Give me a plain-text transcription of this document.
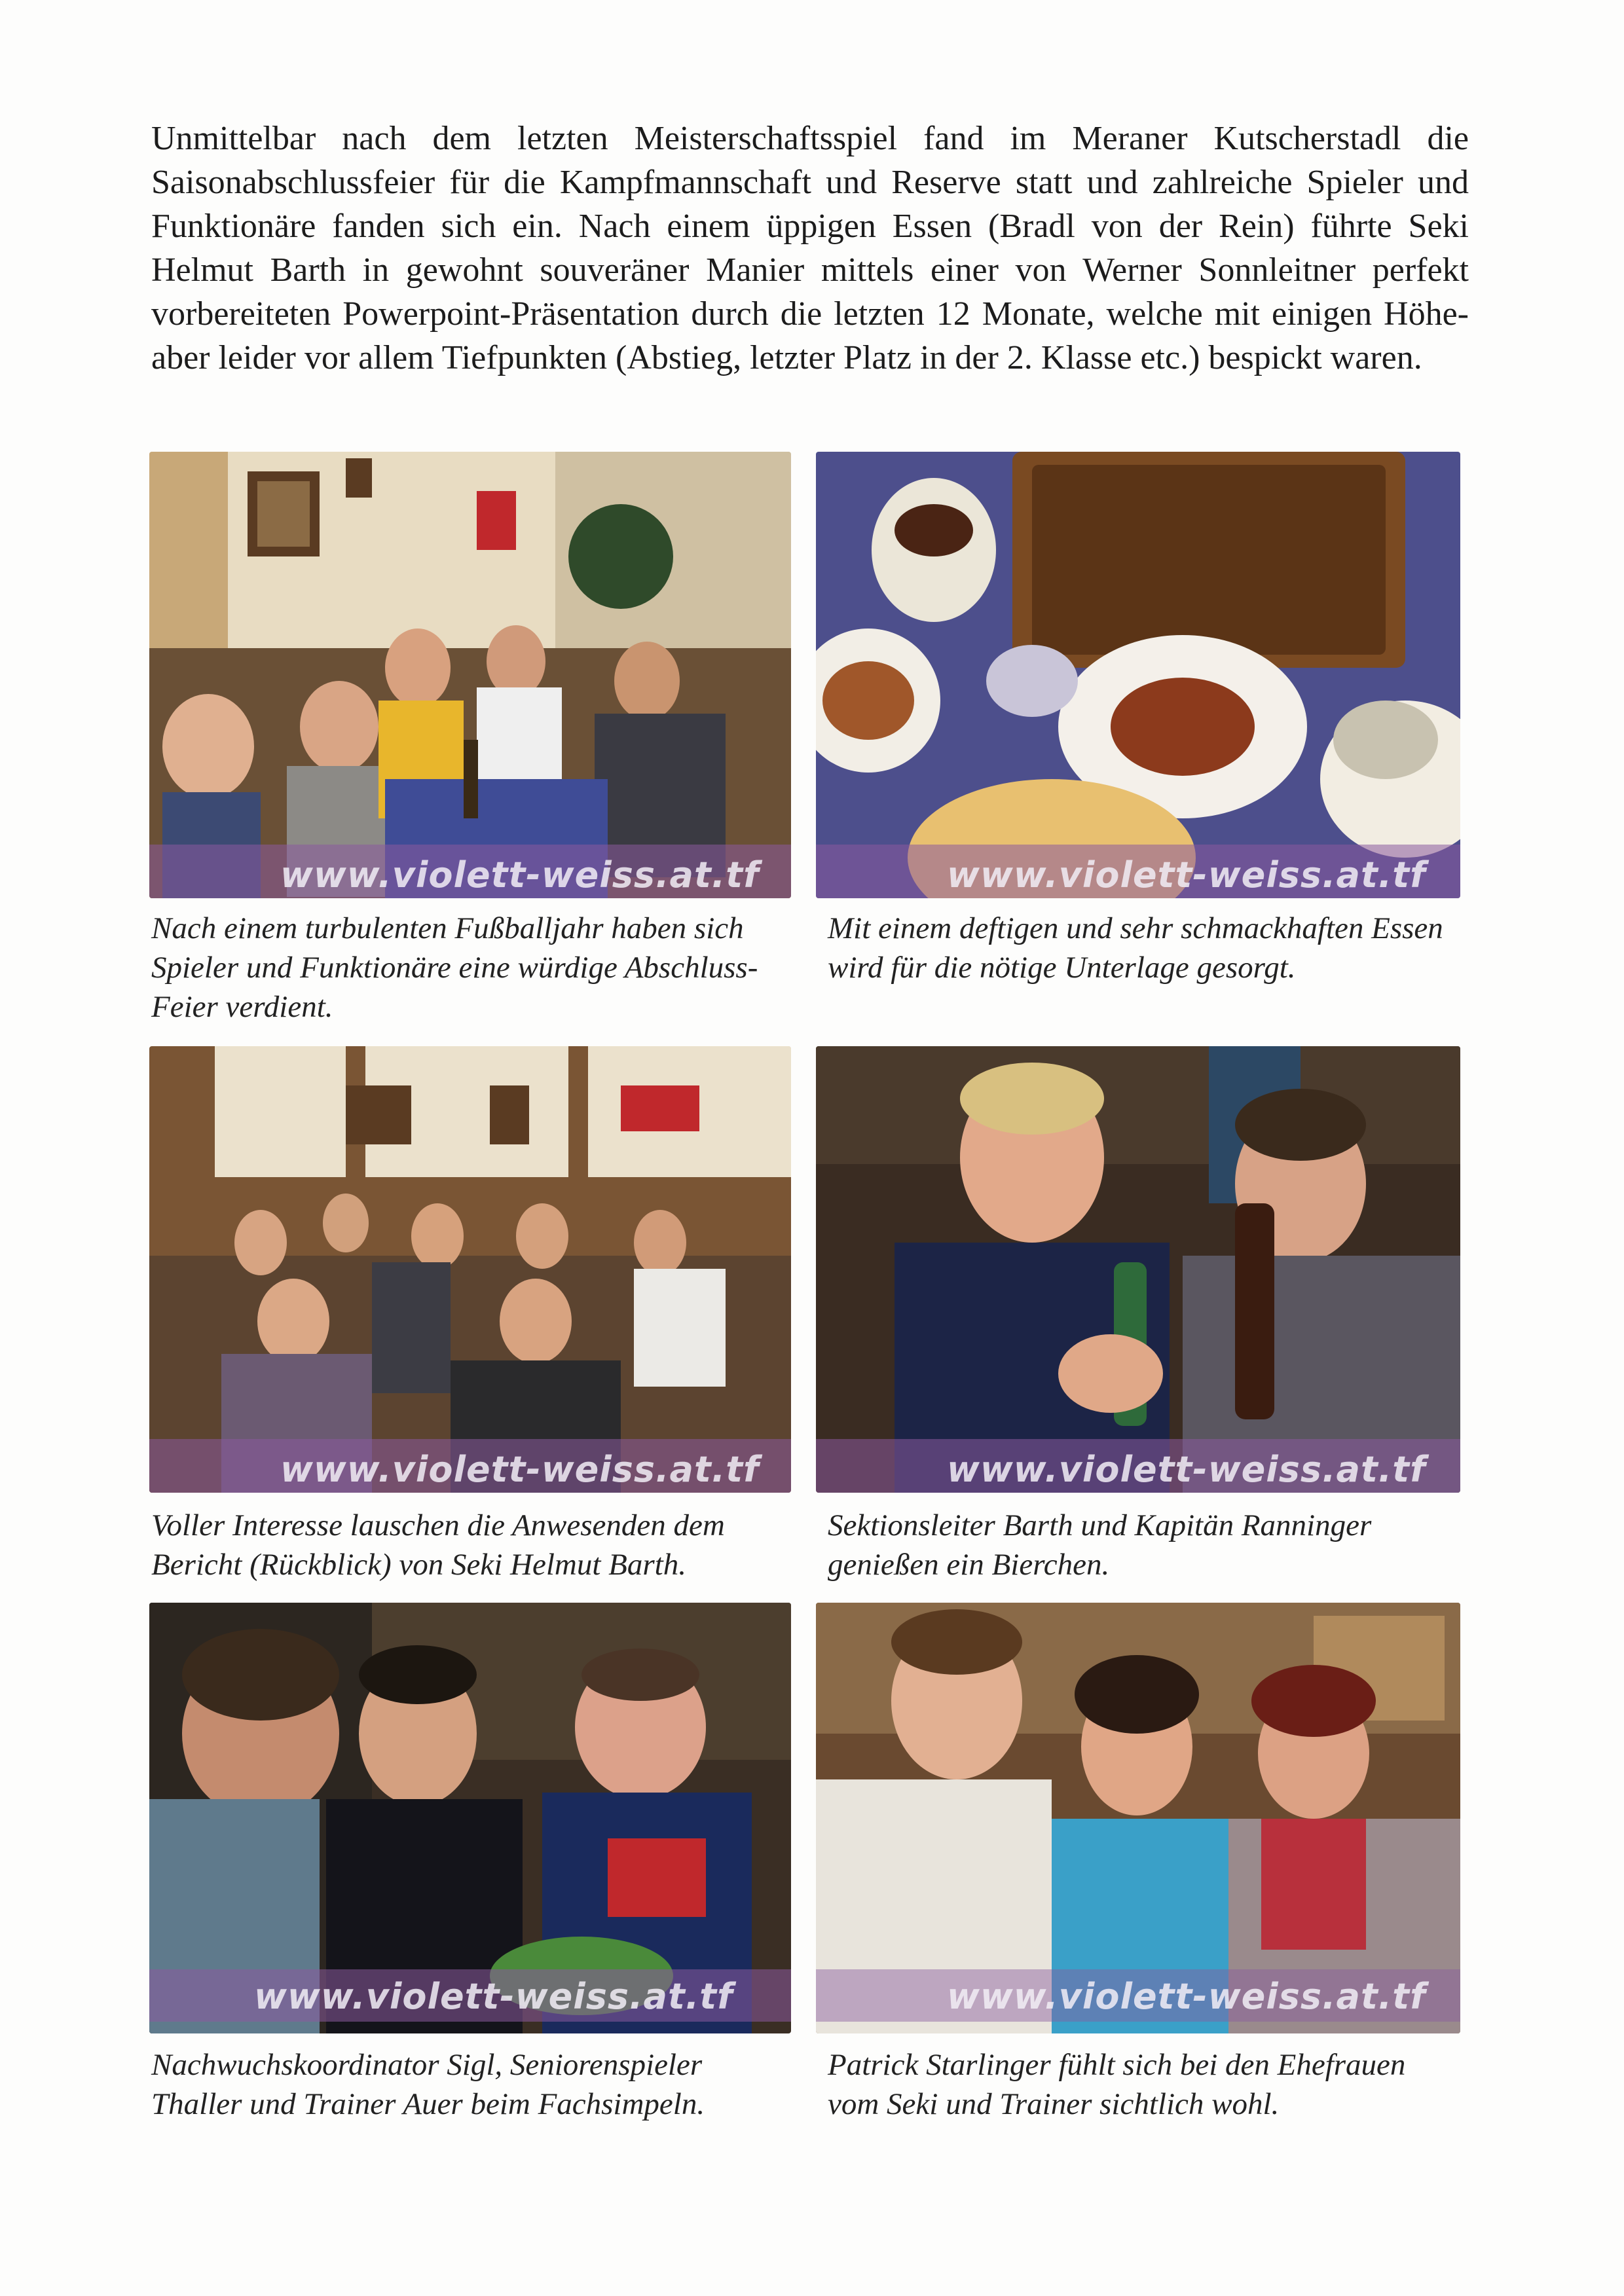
Unmittelbar nach dem letzten Meisterschaftsspiel fand im Meraner Kutscherstadl die Saisonabschlussfeier für die Kampfmannschaft und Reserve statt und zahlreiche Spieler und Funktionäre fanden sich ein. Nach einem üppigen Essen (Bradl von der Rein) führte Seki Helmut Barth in gewohnt souveräner Manier mittels einer von Werner Sonnleitner perfekt vorbereiteten Powerpoint-Präsentation durch die letzten 12 Monate, welche mit einigen Höhe- aber leider vor allem Tiefpunkten (Abstieg, letzter Platz in der 2. Klasse etc.) bespickt waren.

www.violett-weiss.at.tf	www.violett-weiss.at.tf
www.violett-weiss.at.tf	www.violett-weiss.at.tf
www.violett-weiss.at.tf	www.violett-weiss.at.tf

Nach einem turbulenten Fußballjahr haben sich Spieler und Funktionäre eine würdige Abschluss-Feier verdient.

Mit einem deftigen und sehr schmackhaften Essen wird für die nötige Unterlage gesorgt.

Voller Interesse lauschen die Anwesenden dem Bericht (Rückblick) von Seki Helmut Barth.

Sektionsleiter Barth und Kapitän Ranninger genießen ein Bierchen.

Nachwuchskoordinator Sigl, Seniorenspieler Thaller und Trainer Auer beim Fachsimpeln.

Patrick Starlinger fühlt sich bei den Ehefrauen vom Seki und Trainer sichtlich wohl.
